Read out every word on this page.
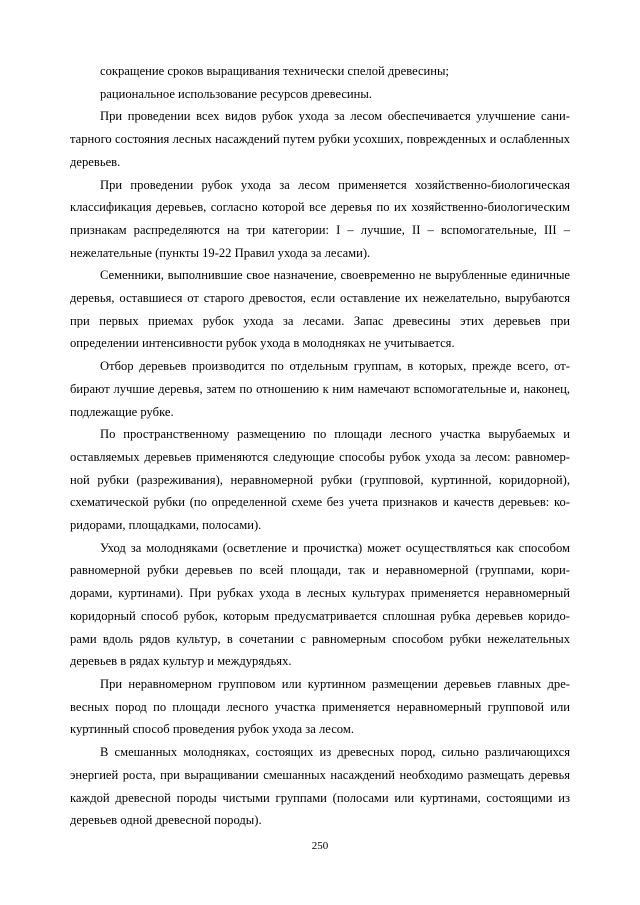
сокращение сроков выращивания технически спелой древесины;

рациональное использование ресурсов древесины.

При проведении всех видов рубок ухода за лесом обеспечивается улучшение санитарного состояния лесных насаждений путем рубки усохших, поврежденных и ослабленных деревьев.

При проведении рубок ухода за лесом применяется хозяйственно-биологическая классификация деревьев, согласно которой все деревья по их хозяйственно-биологическим признакам распределяются на три категории: I – лучшие, II – вспомогательные, III – нежелательные (пункты 19-22 Правил ухода за лесами).

Семенники, выполнившие свое назначение, своевременно не вырубленные единичные деревья, оставшиеся от старого древостоя, если оставление их нежелательно, вырубаются при первых приемах рубок ухода за лесами. Запас древесины этих деревьев при определении интенсивности рубок ухода в молодняках не учитывается.

Отбор деревьев производится по отдельным группам, в которых, прежде всего, отбирают лучшие деревья, затем по отношению к ним намечают вспомогательные и, наконец, подлежащие рубке.

По пространственному размещению по площади лесного участка вырубаемых и оставляемых деревьев применяются следующие способы рубок ухода за лесом: равномерной рубки (разреживания), неравномерной рубки (групповой, куртинной, коридорной), схематической рубки (по определенной схеме без учета признаков и качеств деревьев: коридорами, площадками, полосами).

Уход за молодняками (осветление и прочистка) может осуществляться как способом равномерной рубки деревьев по всей площади, так и неравномерной (группами, коридорами, куртинами). При рубках ухода в лесных культурах применяется неравномерный коридорный способ рубок, которым предусматривается сплошная рубка деревьев коридорами вдоль рядов культур, в сочетании с равномерным способом рубки нежелательных деревьев в рядах культур и междурядьях.

При неравномерном групповом или куртинном размещении деревьев главных древесных пород по площади лесного участка применяется неравномерный групповой или куртинный способ проведения рубок ухода за лесом.

В смешанных молодняках, состоящих из древесных пород, сильно различающихся энергией роста, при выращивании смешанных насаждений необходимо размещать деревья каждой древесной породы чистыми группами (полосами или куртинами, состоящими из деревьев одной древесной породы).

250
